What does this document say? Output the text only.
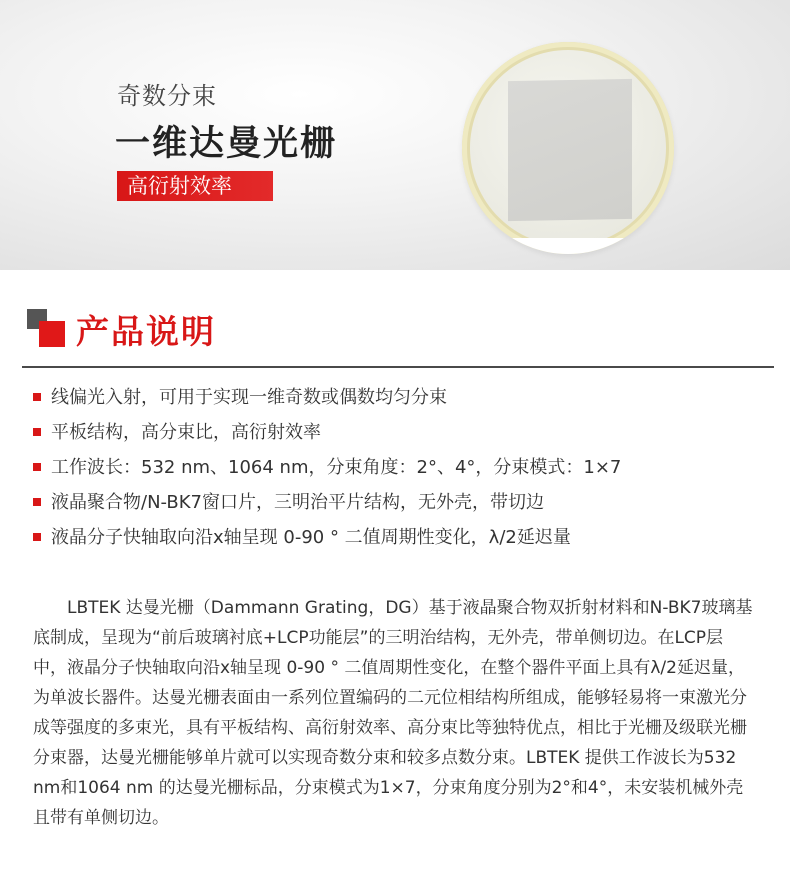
奇数分束
一维达曼光栅
高衍射效率
产品说明
线偏光入射，可用于实现一维奇数或偶数均匀分束
平板结构，高分束比，高衍射效率
工作波长：532 nm、1064 nm，分束角度：2°、4°，分束模式：1×7
液晶聚合物/N-BK7窗口片，三明治平片结构，无外壳，带切边
液晶分子快轴取向沿x轴呈现 0-90 ° 二值周期性变化，λ/2延迟量

LBTEK 达曼光栅（Dammann Grating，DG）基于液晶聚合物双折射材料和N-BK7玻璃基底制成，呈现为“前后玻璃衬底+LCP功能层”的三明治结构，无外壳，带单侧切边。在LCP层中，液晶分子快轴取向沿x轴呈现 0-90 ° 二值周期性变化，在整个器件平面上具有λ/2延迟量，为单波长器件。达曼光栅表面由一系列位置编码的二元位相结构所组成，能够轻易将一束激光分成等强度的多束光，具有平板结构、高衍射效率、高分束比等独特优点，相比于光栅及级联光栅分束器，达曼光栅能够单片就可以实现奇数分束和较多点数分束。LBTEK 提供工作波长为532 nm和1064 nm 的达曼光栅标品，分束模式为1×7，分束角度分别为2°和4°，未安装机械外壳且带有单侧切边。
